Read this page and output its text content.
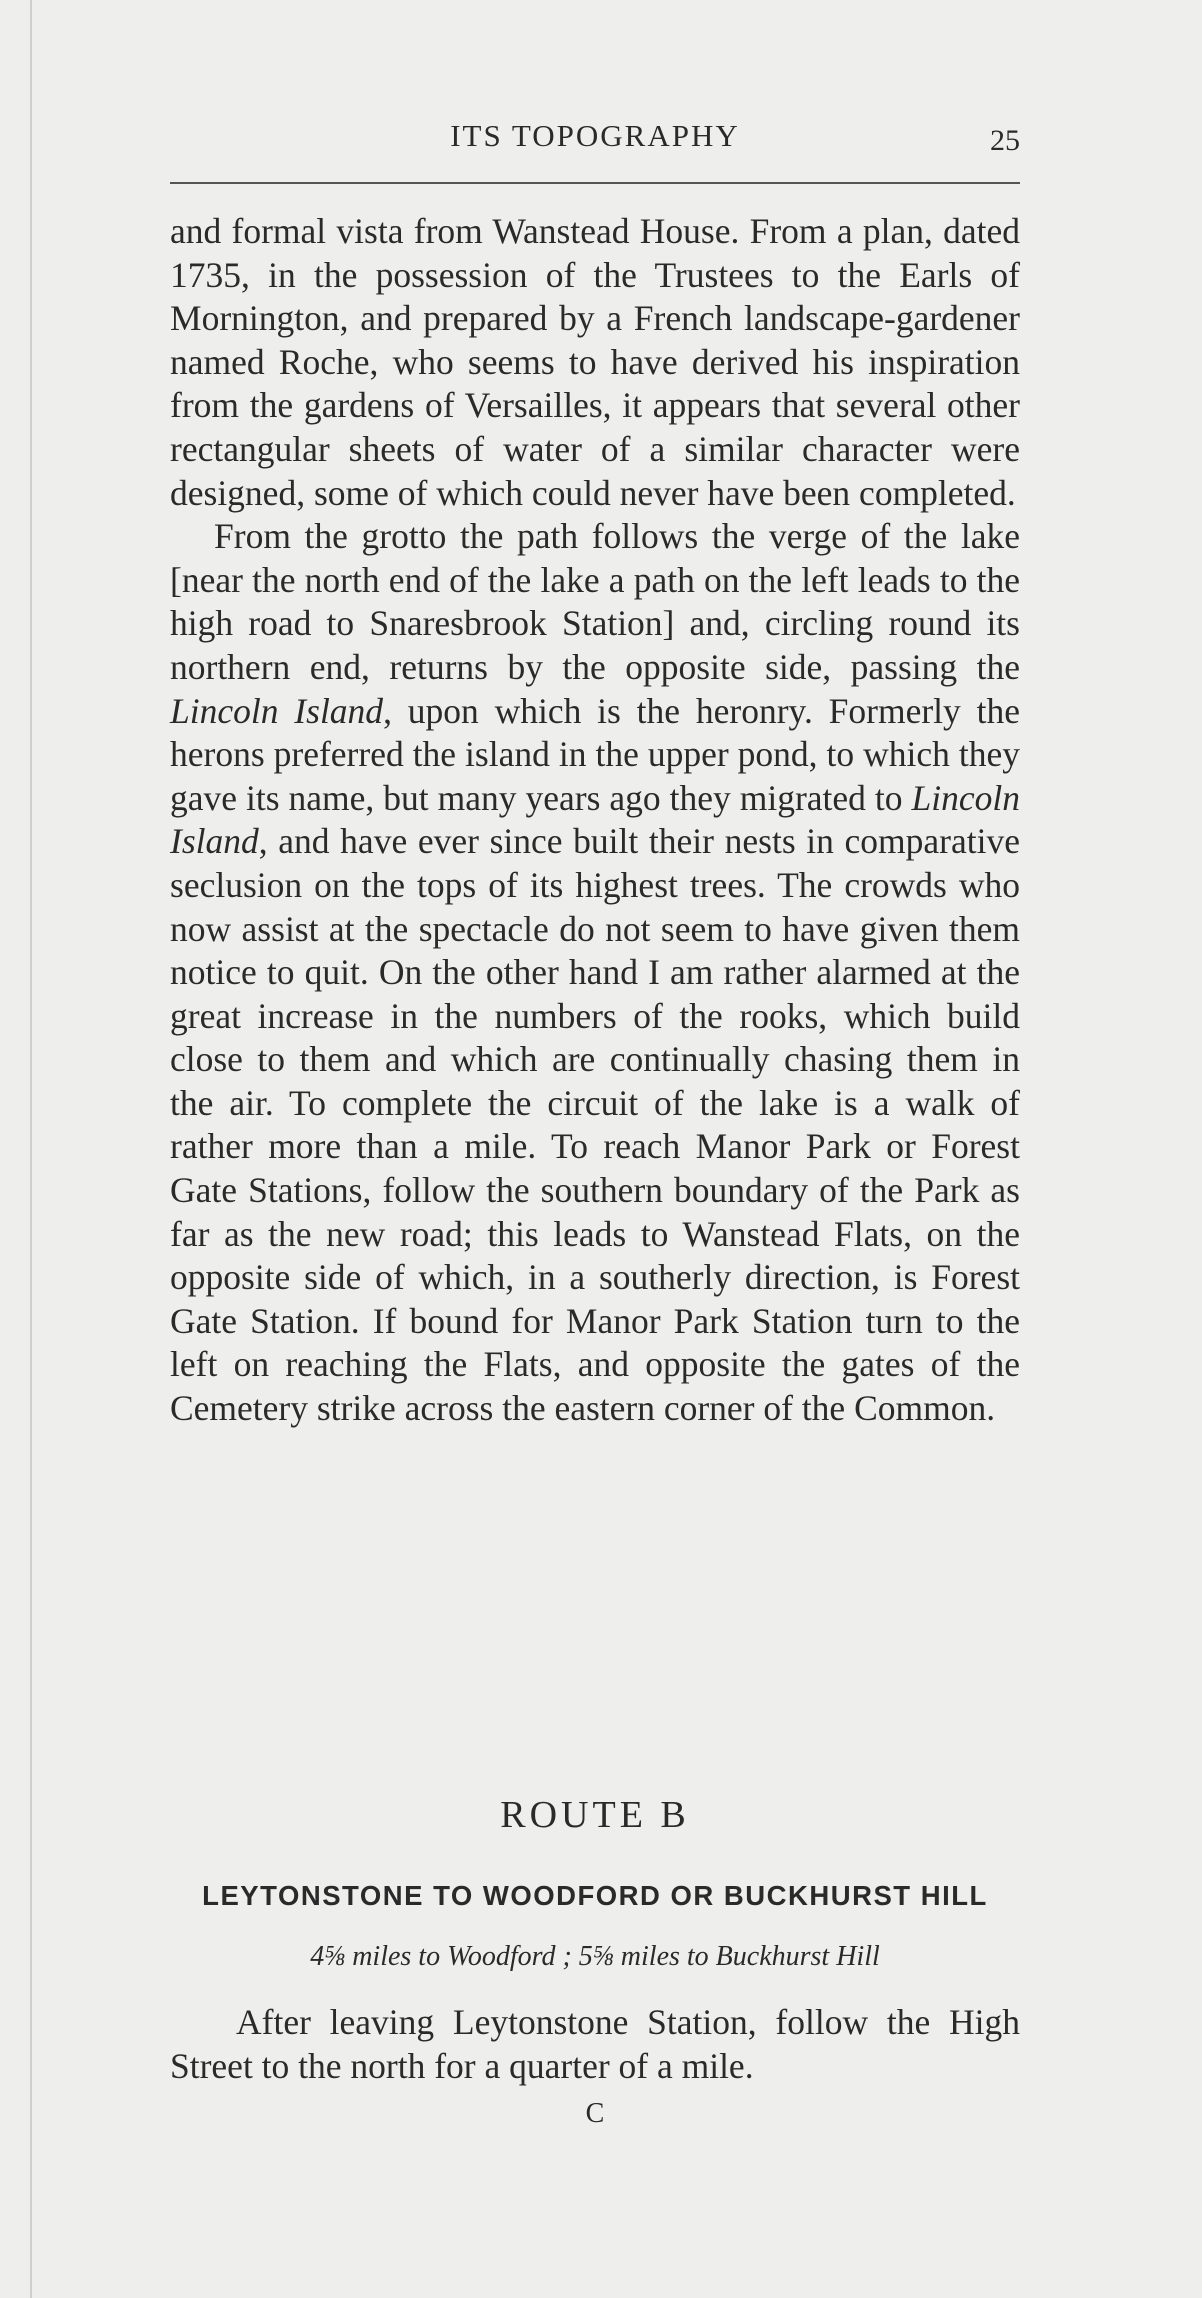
ITS TOPOGRAPHY	25

and formal vista from Wanstead House. From a plan, dated 1735, in the possession of the Trustees to the Earls of Mornington, and prepared by a French landscape-gardener named Roche, who seems to have derived his inspiration from the gardens of Versailles, it appears that several other rectangular sheets of water of a similar character were designed, some of which could never have been completed.

From the grotto the path follows the verge of the lake [near the north end of the lake a path on the left leads to the high road to Snaresbrook Station] and, circling round its northern end, returns by the opposite side, passing the Lincoln Island, upon which is the heronry. Formerly the herons preferred the island in the upper pond, to which they gave its name, but many years ago they migrated to Lincoln Island, and have ever since built their nests in comparative seclusion on the tops of its highest trees. The crowds who now assist at the spectacle do not seem to have given them notice to quit. On the other hand I am rather alarmed at the great increase in the numbers of the rooks, which build close to them and which are continually chasing them in the air. To complete the circuit of the lake is a walk of rather more than a mile. To reach Manor Park or Forest Gate Stations, follow the southern boundary of the Park as far as the new road; this leads to Wanstead Flats, on the opposite side of which, in a southerly direction, is Forest Gate Station. If bound for Manor Park Station turn to the left on reaching the Flats, and opposite the gates of the Cemetery strike across the eastern corner of the Common.

ROUTE B
LEYTONSTONE TO WOODFORD OR BUCKHURST HILL
4⅝ miles to Woodford ; 5⅝ miles to Buckhurst Hill

After leaving Leytonstone Station, follow the High Street to the north for a quarter of a mile.

C
